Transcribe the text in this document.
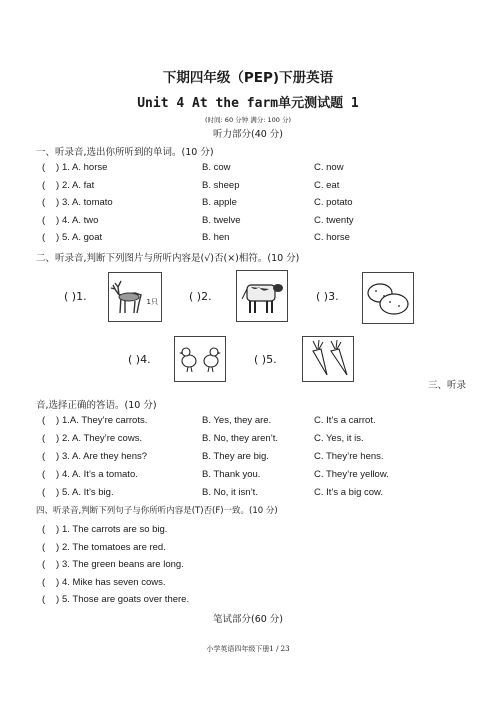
下期四年级（PEP)下册英语
Unit 4 At the farm单元测试题 1
(时间: 60 分钟 满分: 100 分)
听力部分(40 分)
一、听录音,选出你所听到的单词。(10 分)
( ) 1. A. horse	B. cow	C. now
( ) 2. A. fat	B. sheep	C. eat
( ) 3. A. tomato	B. apple	C. potato
( ) 4. A. two	B. twelve	C. twenty
( ) 5. A. goat	B. hen	C. horse
二、听录音,判断下列图片与所听内容是(√)否(×)相符。(10 分)
( )1.	1只	( )2.	( )3.
( )4.	( )5.
三、听录
音,选择正确的答语。(10 分)
( ) 1.A. They’re carrots.	B. Yes, they are.	C. It’s a carrot.
( ) 2. A. They’re cows.	B. No, they aren’t.	C. Yes, it is.
( ) 3. A. Are they hens?	B. They are big.	C. They’re hens.
( ) 4. A. It’s a tomato.	B. Thank you.	C. They’re yellow.
( ) 5. A. It’s big.	B. No, it isn’t.	C. It’s a big cow.
四、听录音,判断下列句子与你所听内容是(T)否(F)一致。(10 分)
( ) 1. The carrots are so big.
( ) 2. The tomatoes are red.
( ) 3. The green beans are long.
( ) 4. Mike has seven cows.
( ) 5. Those are goats over there.
笔试部分(60 分)
小学英语四年级下册1 / 23
